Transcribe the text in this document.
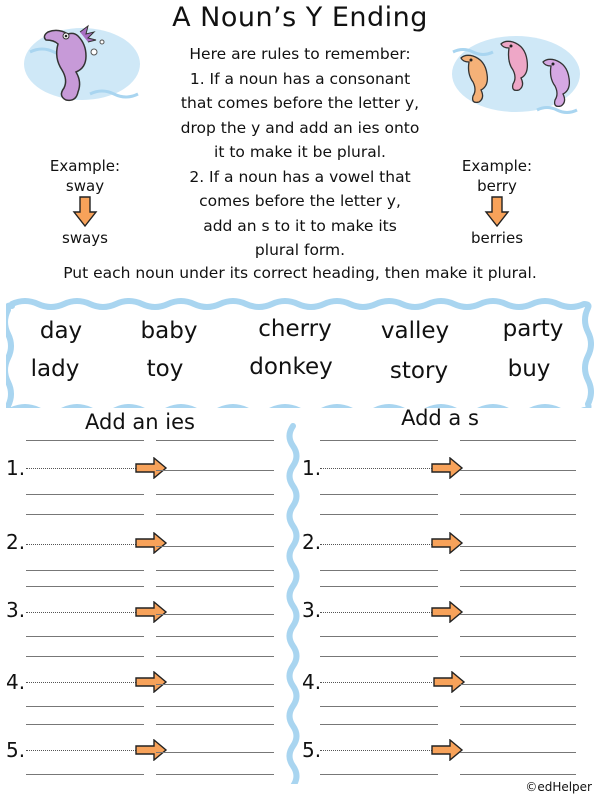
A Noun’s Y Ending
Here are rules to remember:
1. If a noun has a consonant
that comes before the letter y,
drop the y and add an ies onto
it to make it be plural.
2. If a noun has a vowel that
comes before the letter y,
add an s to it to make its
plural form.
Example:
sway
sways
Example:
berry
berries
Put each noun under its correct heading, then make it plural.
day	baby	cherry	valley	party
lady	toy	donkey	story	buy
Add an ies	Add a s
1.
2.
3.
4.
5.
1.
2.
3.
4.
5.
©edHelper
